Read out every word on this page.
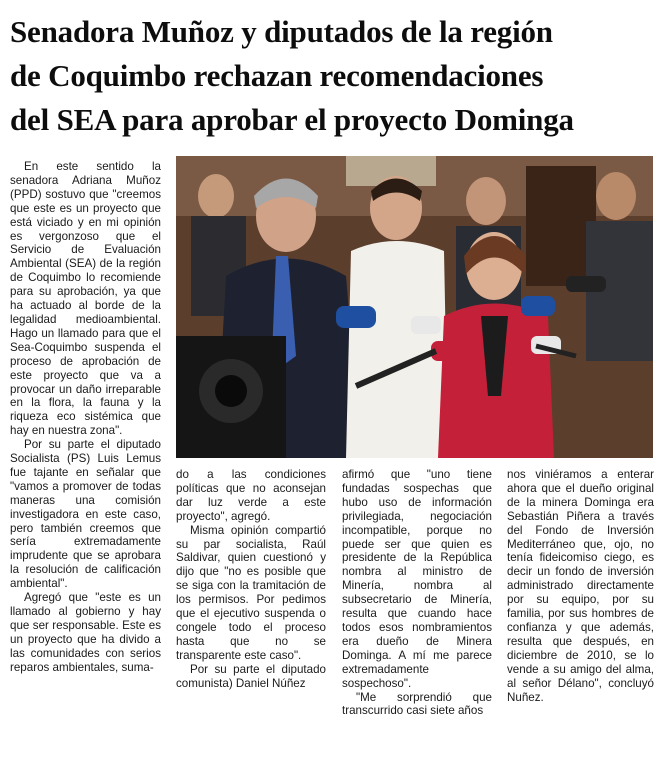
Senadora Muñoz y diputados de la región
de Coquimbo rechazan recomendaciones
del SEA para aprobar el proyecto Dominga

En este sentido la senadora Adriana Muñoz (PPD) sostuvo que "creemos que este es un proyecto que está viciado y en mi opinión es vergonzoso que el Servicio de Evaluación Ambiental (SEA) de la región de Coquimbo lo recomiende para su aprobación, ya que ha actuado al borde de la legalidad medioambiental. Hago un llamado para que el Sea-Coquimbo suspenda el proceso de aprobación de este proyecto que va a provocar un daño irreparable en la flora, la fauna y la riqueza eco sistémica que hay en nuestra zona".

Por su parte el diputado Socialista (PS) Luis Lemus fue tajante en señalar que "vamos a promover de todas maneras una comisión investigadora en este caso, pero también creemos que sería extremadamente imprudente que se aprobara la resolución de calificación ambiental".

Agregó que "este es un llamado al gobierno y hay que ser responsable. Este es un proyecto que ha divido a las comunidades con serios reparos ambientales, suma-

do a las condiciones políticas que no aconsejan dar luz verde a este proyecto", agregó.

Misma opinión compartió su par socialista, Raúl Saldivar, quien cuestionó y dijo que "no es posible que se siga con la tramitación de los permisos. Por pedimos que el ejecutivo suspenda o congele todo el proceso hasta que no se transparente este caso".

Por su parte el diputado comunista) Daniel Núñez

afirmó que "uno tiene fundadas sospechas que hubo uso de información privilegiada, negociación incompatible, porque no puede ser que quien es presidente de la República nombra al ministro de Minería, nombra al subsecretario de Minería, resulta que cuando hace todos esos nombramientos era dueño de Minera Dominga. A mí me parece extremadamente sospechoso".

"Me sorprendió que transcurrido casi siete años

nos viniéramos a enterar ahora que el dueño original de la minera Dominga era Sebastián Piñera a través del Fondo de Inversión Mediterráneo que, ojo, no tenía fideicomiso ciego, es decir un fondo de inversión administrado directamente por su equipo, por su familia, por sus hombres de confianza y que además, resulta que después, en diciembre de 2010, se lo vende a su amigo del alma, al señor Délano", concluyó Nuñez.
